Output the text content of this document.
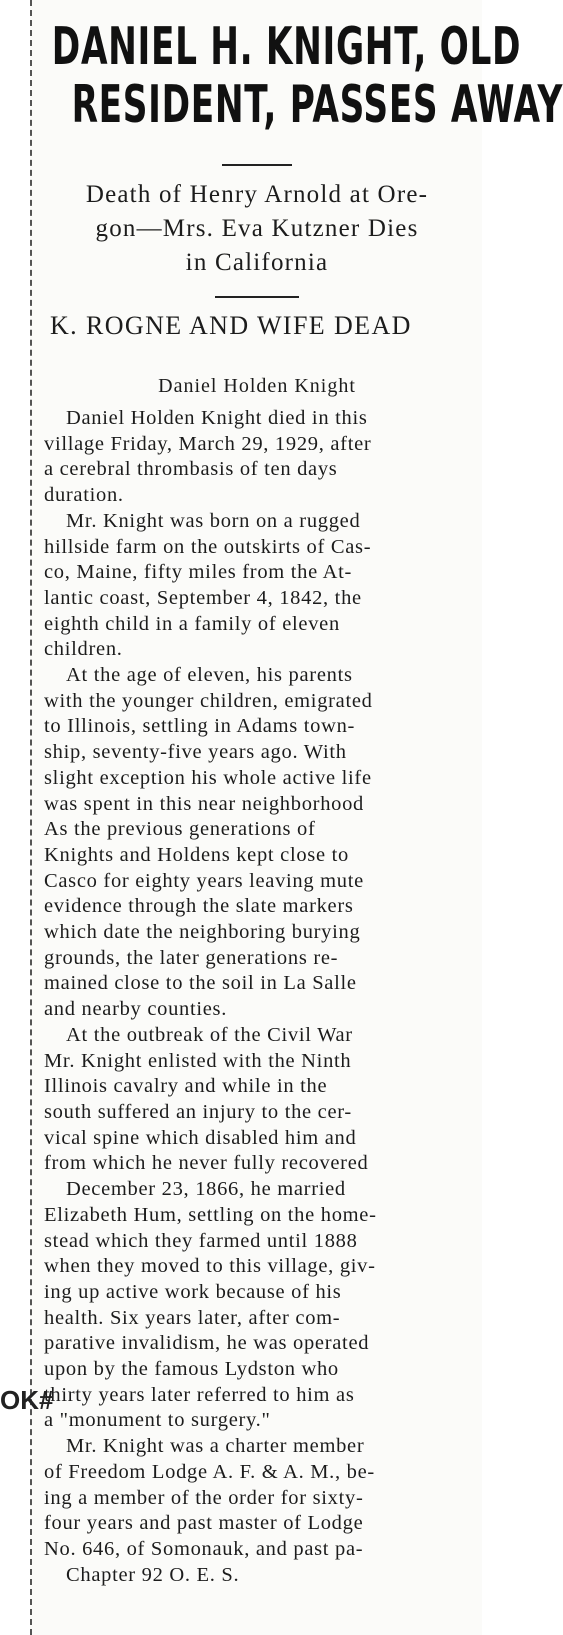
DANIEL H. KNIGHT, OLD
RESIDENT, PASSES AWAY
Death of Henry Arnold at Ore-
gon—Mrs. Eva Kutzner Dies
in California
K. ROGNE AND WIFE DEAD
Daniel Holden Knight
Daniel Holden Knight died in this
village Friday, March 29, 1929, after
a cerebral thrombasis of ten days
duration.
Mr. Knight was born on a rugged
hillside farm on the outskirts of Cas-
co, Maine, fifty miles from the At-
lantic coast, September 4, 1842, the
eighth child in a family of eleven
children.
At the age of eleven, his parents
with the younger children, emigrated
to Illinois, settling in Adams town-
ship, seventy-five years ago. With
slight exception his whole active life
was spent in this near neighborhood
As the previous generations of
Knights and Holdens kept close to
Casco for eighty years leaving mute
evidence through the slate markers
which date the neighboring burying
grounds, the later generations re-
mained close to the soil in La Salle
and nearby counties.
At the outbreak of the Civil War
Mr. Knight enlisted with the Ninth
Illinois cavalry and while in the
south suffered an injury to the cer-
vical spine which disabled him and
from which he never fully recovered
December 23, 1866, he married
Elizabeth Hum, settling on the home-
stead which they farmed until 1888
when they moved to this village, giv-
ing up active work because of his
health. Six years later, after com-
parative invalidism, he was operated
upon by the famous Lydston who
thirty years later referred to him as
a "monument to surgery."
Mr. Knight was a charter member
of Freedom Lodge A. F. & A. M., be-
ing a member of the order for sixty-
four years and past master of Lodge
No. 646, of Somonauk, and past pa-
Chapter 92 O. E. S.
OK#
